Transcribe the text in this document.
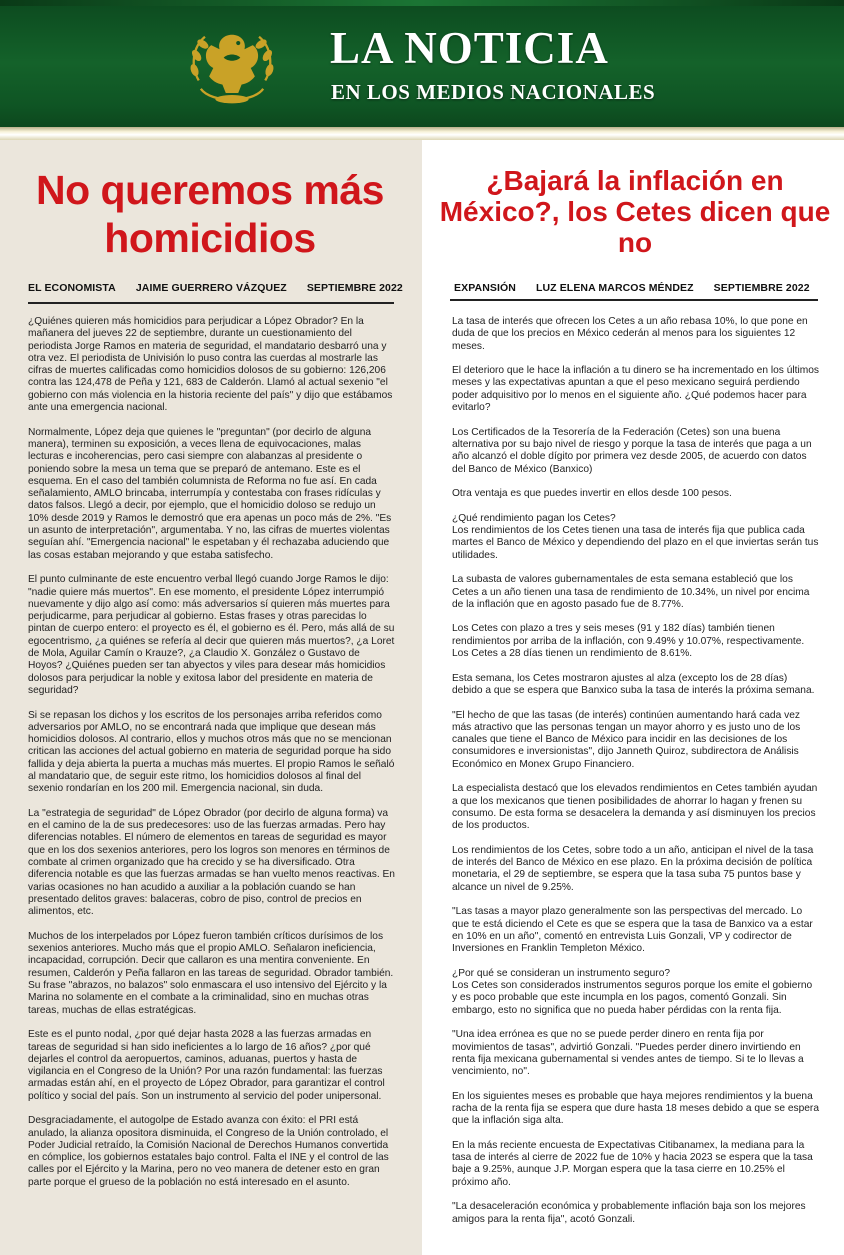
LA NOTICIA
EN LOS MEDIOS NACIONALES
No queremos más homicidios
EL ECONOMISTA JAIME GUERRERO VÁZQUEZ SEPTIEMBRE 2022

¿Quiénes quieren más homicidios para perjudicar a López Obrador? En la mañanera del jueves 22 de septiembre, durante un cuestionamiento del periodista Jorge Ramos en materia de seguridad, el mandatario desbarró una y otra vez. El periodista de Univisión lo puso contra las cuerdas al mostrarle las cifras de muertes calificadas como homicidios dolosos de su gobierno: 126,206 contra las 124,478 de Peña y 121, 683 de Calderón. Llamó al actual sexenio "el gobierno con más violencia en la historia reciente del país" y dijo que estábamos ante una emergencia nacional.

Normalmente, López deja que quienes le "preguntan" (por decirlo de alguna manera), terminen su exposición, a veces llena de equivocaciones, malas lecturas e incoherencias, pero casi siempre con alabanzas al presidente o poniendo sobre la mesa un tema que se preparó de antemano. Este es el esquema. En el caso del también columnista de Reforma no fue así. En cada señalamiento, AMLO brincaba, interrumpía y contestaba con frases ridículas y datos falsos. Llegó a decir, por ejemplo, que el homicidio doloso se redujo un 10% desde 2019 y Ramos le demostró que era apenas un poco más de 2%. "Es un asunto de interpretación", argumentaba. Y no, las cifras de muertes violentas seguían ahí. "Emergencia nacional" le espetaban y él rechazaba aduciendo que las cosas estaban mejorando y que estaba satisfecho.

El punto culminante de este encuentro verbal llegó cuando Jorge Ramos le dijo: "nadie quiere más muertos". En ese momento, el presidente López interrumpió nuevamente y dijo algo así como: más adversarios sí quieren más muertes para perjudicarme, para perjudicar al gobierno. Estas frases y otras parecidas lo pintan de cuerpo entero: el proyecto es él, el gobierno es él. Pero, más allá de su egocentrismo, ¿a quiénes se refería al decir que quieren más muertos?, ¿a Loret de Mola, Aguilar Camín o Krauze?, ¿a Claudio X. González o Gustavo de Hoyos? ¿Quiénes pueden ser tan abyectos y viles para desear más homicidios dolosos para perjudicar la noble y exitosa labor del presidente en materia de seguridad?

Si se repasan los dichos y los escritos de los personajes arriba referidos como adversarios por AMLO, no se encontrará nada que implique que desean más homicidios dolosos. Al contrario, ellos y muchos otros más que no se mencionan critican las acciones del actual gobierno en materia de seguridad porque ha sido fallida y deja abierta la puerta a muchas más muertes. El propio Ramos le señaló al mandatario que, de seguir este ritmo, los homicidios dolosos al final del sexenio rondarían en los 200 mil. Emergencia nacional, sin duda.

La "estrategia de seguridad" de López Obrador (por decirlo de alguna forma) va en el camino de la de sus predecesores: uso de las fuerzas armadas. Pero hay diferencias notables. El número de elementos en tareas de seguridad es mayor que en los dos sexenios anteriores, pero los logros son menores en términos de combate al crimen organizado que ha crecido y se ha diversificado. Otra diferencia notable es que las fuerzas armadas se han vuelto menos reactivas. En varias ocasiones no han acudido a auxiliar a la población cuando se han presentado delitos graves: balaceras, cobro de piso, control de precios en alimentos, etc.

Muchos de los interpelados por López fueron también críticos durísimos de los sexenios anteriores. Mucho más que el propio AMLO. Señalaron ineficiencia, incapacidad, corrupción. Decir que callaron es una mentira conveniente. En resumen, Calderón y Peña fallaron en las tareas de seguridad. Obrador también. Su frase "abrazos, no balazos" solo enmascara el uso intensivo del Ejército y la Marina no solamente en el combate a la criminalidad, sino en muchas otras tareas, muchas de ellas estratégicas.

Este es el punto nodal, ¿por qué dejar hasta 2028 a las fuerzas armadas en tareas de seguridad si han sido ineficientes a lo largo de 16 años? ¿por qué dejarles el control da aeropuertos, caminos, aduanas, puertos y hasta de vigilancia en el Congreso de la Unión? Por una razón fundamental: las fuerzas armadas están ahí, en el proyecto de López Obrador, para garantizar el control político y social del país. Son un instrumento al servicio del poder unipersonal.

Desgraciadamente, el autogolpe de Estado avanza con éxito: el PRI está anulado, la alianza opositora disminuida, el Congreso de la Unión controlado, el Poder Judicial retraído, la Comisión Nacional de Derechos Humanos convertida en cómplice, los gobiernos estatales bajo control. Falta el INE y el control de las calles por el Ejército y la Marina, pero no veo manera de detener esto en gran parte porque el grueso de la población no está interesado en el asunto.

¿Bajará la inflación en México?, los Cetes dicen que no
EXPANSIÓN LUZ ELENA MARCOS MÉNDEZ SEPTIEMBRE 2022

La tasa de interés que ofrecen los Cetes a un año rebasa 10%, lo que pone en duda de que los precios en México cederán al menos para los siguientes 12 meses.

El deterioro que le hace la inflación a tu dinero se ha incrementado en los últimos meses y las expectativas apuntan a que el peso mexicano seguirá perdiendo poder adquisitivo por lo menos en el siguiente año. ¿Qué podemos hacer para evitarlo?

Los Certificados de la Tesorería de la Federación (Cetes) son una buena alternativa por su bajo nivel de riesgo y porque la tasa de interés que paga a un año alcanzó el doble dígito por primera vez desde 2005, de acuerdo con datos del Banco de México (Banxico)

Otra ventaja es que puedes invertir en ellos desde 100 pesos.

¿Qué rendimiento pagan los Cetes?
Los rendimientos de los Cetes tienen una tasa de interés fija que publica cada martes el Banco de México y dependiendo del plazo en el que inviertas serán tus utilidades.

La subasta de valores gubernamentales de esta semana estableció que los Cetes a un año tienen una tasa de rendimiento de 10.34%, un nivel por encima de la inflación que en agosto pasado fue de 8.77%.

Los Cetes con plazo a tres y seis meses (91 y 182 días) también tienen rendimientos por arriba de la inflación, con 9.49% y 10.07%, respectivamente. Los Cetes a 28 días tienen un rendimiento de 8.61%.

Esta semana, los Cetes mostraron ajustes al alza (excepto los de 28 días) debido a que se espera que Banxico suba la tasa de interés la próxima semana.

"El hecho de que las tasas (de interés) continúen aumentando hará cada vez más atractivo que las personas tengan un mayor ahorro y es justo uno de los canales que tiene el Banco de México para incidir en las decisiones de los consumidores e inversionistas", dijo Janneth Quiroz, subdirectora de Análisis Económico en Monex Grupo Financiero.

La especialista destacó que los elevados rendimientos en Cetes también ayudan a que los mexicanos que tienen posibilidades de ahorrar lo hagan y frenen su consumo. De esta forma se desacelera la demanda y así disminuyen los precios de los productos.

Los rendimientos de los Cetes, sobre todo a un año, anticipan el nivel de la tasa de interés del Banco de México en ese plazo. En la próxima decisión de política monetaria, el 29 de septiembre, se espera que la tasa suba 75 puntos base y alcance un nivel de 9.25%.

"Las tasas a mayor plazo generalmente son las perspectivas del mercado. Lo que te está diciendo el Cete es que se espera que la tasa de Banxico va a estar en 10% en un año", comentó en entrevista Luis Gonzali, VP y codirector de Inversiones en Franklin Templeton México.

¿Por qué se consideran un instrumento seguro?
Los Cetes son considerados instrumentos seguros porque los emite el gobierno y es poco probable que este incumpla en los pagos, comentó Gonzali. Sin embargo, esto no significa que no pueda haber pérdidas con la renta fija.

"Una idea errónea es que no se puede perder dinero en renta fija por movimientos de tasas", advirtió Gonzali. "Puedes perder dinero invirtiendo en renta fija mexicana gubernamental si vendes antes de tiempo. Si te lo llevas a vencimiento, no".

En los siguientes meses es probable que haya mejores rendimientos y la buena racha de la renta fija se espera que dure hasta 18 meses debido a que se espera que la inflación siga alta.

En la más reciente encuesta de Expectativas Citibanamex, la mediana para la tasa de interés al cierre de 2022 fue de 10% y hacia 2023 se espera que la tasa baje a 9.25%, aunque J.P. Morgan espera que la tasa cierre en 10.25% el próximo año.

"La desaceleración económica y probablemente inflación baja son los mejores amigos para la renta fija", acotó Gonzali.
